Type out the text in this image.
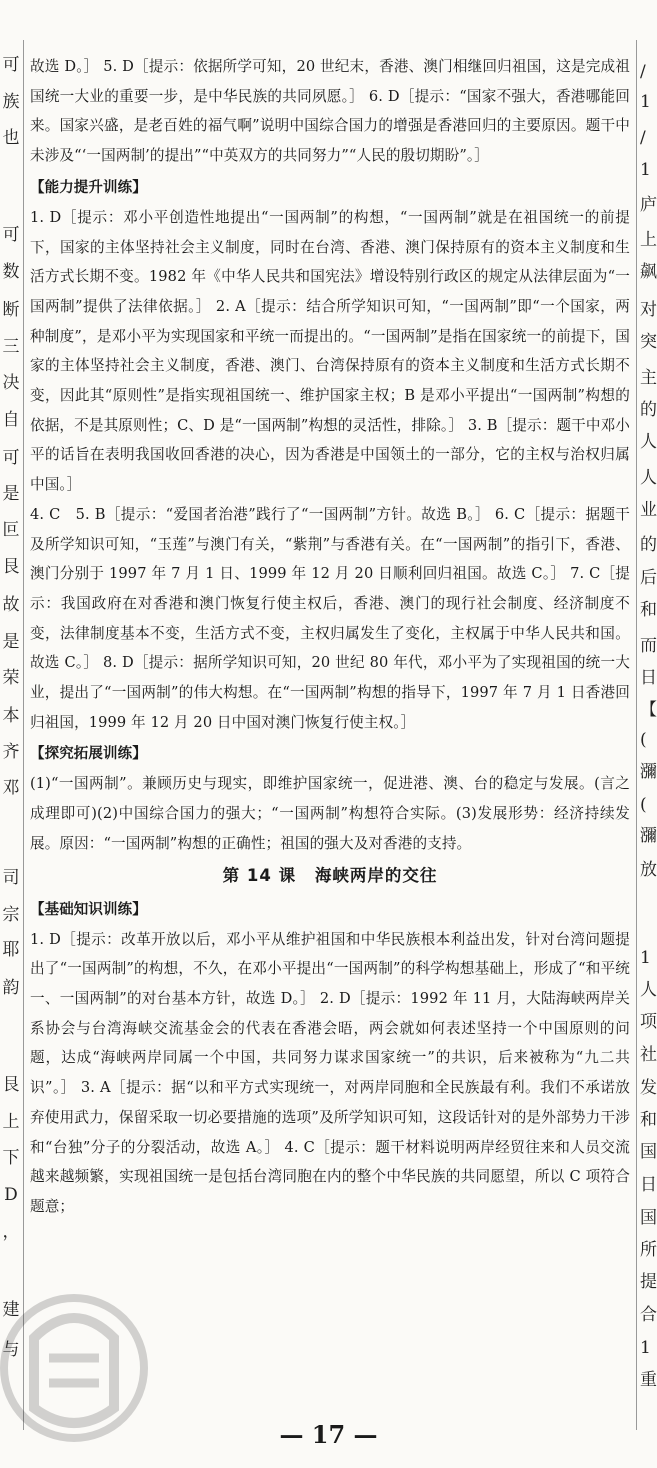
可
族
也
可
数
断
三
决
自
可
是
叵
艮
故
是
荣
本
齐
邓
司
宗
耶
韵
艮
上
下
D
，
建
与
/
1
/
1
庐
上
飙
对
突
主
的
人
人
业
的
后
和
而
日
【
(
瀰
(
瀰
放
1
人
项
社
发
和
国
日
国
所
提
合
1
重

故选 D。］ 5. D［提示：依据所学可知，20 世纪末，香港、澳门相继回归祖国，这是完成祖国统一大业的重要一步，是中华民族的共同夙愿。］ 6. D［提示：“国家不强大，香港哪能回来。国家兴盛，是老百姓的福气啊”说明中国综合国力的增强是香港回归的主要原因。题干中未涉及“‘一国两制’的提出”“中英双方的共同努力”“人民的殷切期盼”。］

【能力提升训练】

1. D［提示：邓小平创造性地提出“一国两制”的构想，“一国两制”就是在祖国统一的前提下，国家的主体坚持社会主义制度，同时在台湾、香港、澳门保持原有的资本主义制度和生活方式长期不变。1982 年《中华人民共和国宪法》增设特别行政区的规定从法律层面为“一国两制”提供了法律依据。］ 2. A［提示：结合所学知识可知，“一国两制”即“一个国家，两种制度”，是邓小平为实现国家和平统一而提出的。“一国两制”是指在国家统一的前提下，国家的主体坚持社会主义制度，香港、澳门、台湾保持原有的资本主义制度和生活方式长期不变，因此其“原则性”是指实现祖国统一、维护国家主权；B 是邓小平提出“一国两制”构想的依据，不是其原则性；C、D 是“一国两制”构想的灵活性，排除。］ 3. B［提示：题干中邓小平的话旨在表明我国收回香港的决心，因为香港是中国领土的一部分，它的主权与治权归属中国。］

4. C　5. B［提示：“爱国者治港”践行了“一国两制”方针。故选 B。］ 6. C［提示：据题干及所学知识可知，“玉莲”与澳门有关，“紫荆”与香港有关。在“一国两制”的指引下，香港、澳门分别于 1997 年 7 月 1 日、1999 年 12 月 20 日顺利回归祖国。故选 C。］ 7. C［提示：我国政府在对香港和澳门恢复行使主权后，香港、澳门的现行社会制度、经济制度不变，法律制度基本不变，生活方式不变，主权归属发生了变化，主权属于中华人民共和国。故选 C。］ 8. D［提示：据所学知识可知，20 世纪 80 年代，邓小平为了实现祖国的统一大业，提出了“一国两制”的伟大构想。在“一国两制”构想的指导下，1997 年 7 月 1 日香港回归祖国，1999 年 12 月 20 日中国对澳门恢复行使主权。］

【探究拓展训练】

(1)“一国两制”。兼顾历史与现实，即维护国家统一，促进港、澳、台的稳定与发展。(言之成理即可)(2)中国综合国力的强大；“一国两制”构想符合实际。(3)发展形势：经济持续发展。原因：“一国两制”构想的正确性；祖国的强大及对香港的支持。

第 14 课 海峡两岸的交往
【基础知识训练】

1. D［提示：改革开放以后，邓小平从维护祖国和中华民族根本利益出发，针对台湾问题提出了“一国两制”的构想，不久，在邓小平提出“一国两制”的科学构想基础上，形成了“和平统一、一国两制”的对台基本方针，故选 D。］ 2. D［提示：1992 年 11 月，大陆海峡两岸关系协会与台湾海峡交流基金会的代表在香港会晤，两会就如何表述坚持一个中国原则的问题，达成“海峡两岸同属一个中国，共同努力谋求国家统一”的共识，后来被称为“九二共识”。］ 3. A［提示：据“以和平方式实现统一，对两岸同胞和全民族最有利。我们不承诺放弃使用武力，保留采取一切必要措施的选项”及所学知识可知，这段话针对的是外部势力干涉和“台独”分子的分裂活动，故选 A。］ 4. C［提示：题干材料说明两岸经贸往来和人员交流越来越频繁，实现祖国统一是包括台湾同胞在内的整个中华民族的共同愿望，所以 C 项符合题意；

— 17 —
